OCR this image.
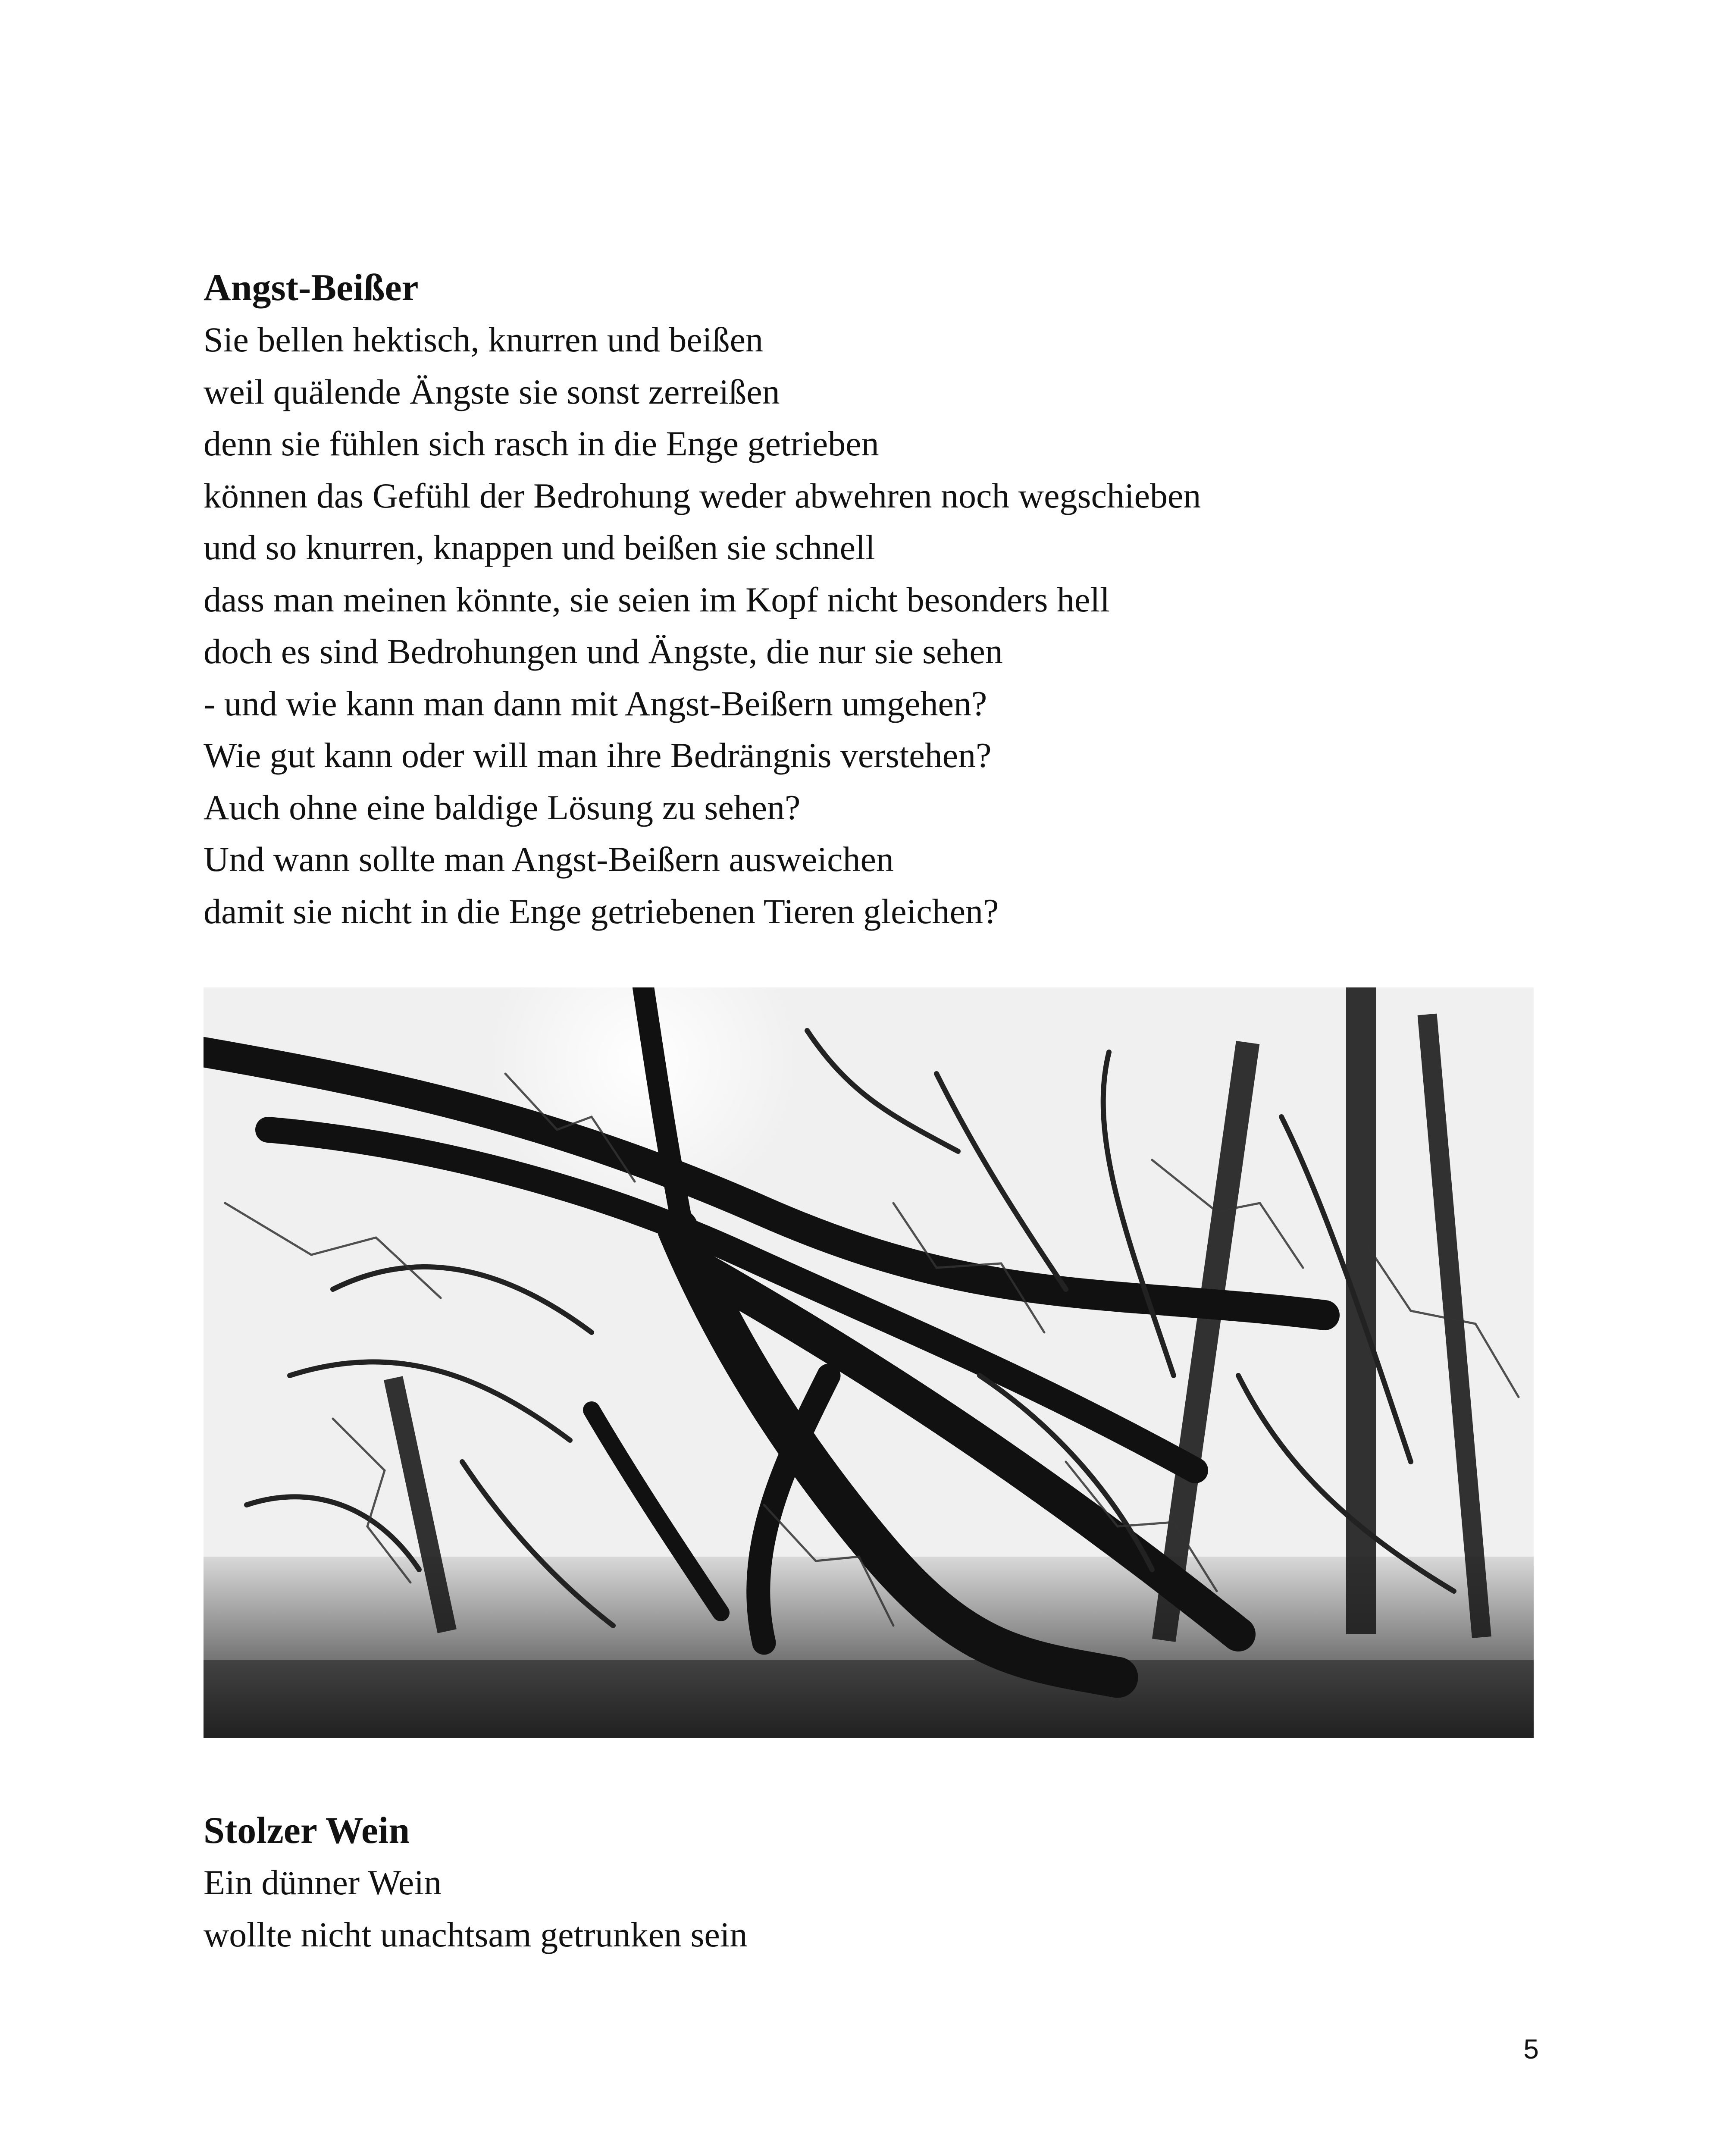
Angst-Beißer

Sie bellen hektisch, knurren und beißen

weil quälende Ängste sie sonst zerreißen

denn sie fühlen sich rasch in die Enge getrieben

können das Gefühl der Bedrohung weder abwehren noch wegschieben

und so knurren, knappen und beißen sie schnell

dass man meinen könnte, sie seien im Kopf nicht besonders hell

doch es sind Bedrohungen und Ängste, die nur sie sehen

- und wie kann man dann mit Angst-Beißern umgehen?

Wie gut kann oder will man ihre Bedrängnis verstehen?

Auch ohne eine baldige Lösung zu sehen?

Und wann sollte man Angst-Beißern ausweichen

damit sie nicht in die Enge getriebenen Tieren gleichen?

Stolzer Wein

Ein dünner Wein

wollte nicht unachtsam getrunken sein

5
